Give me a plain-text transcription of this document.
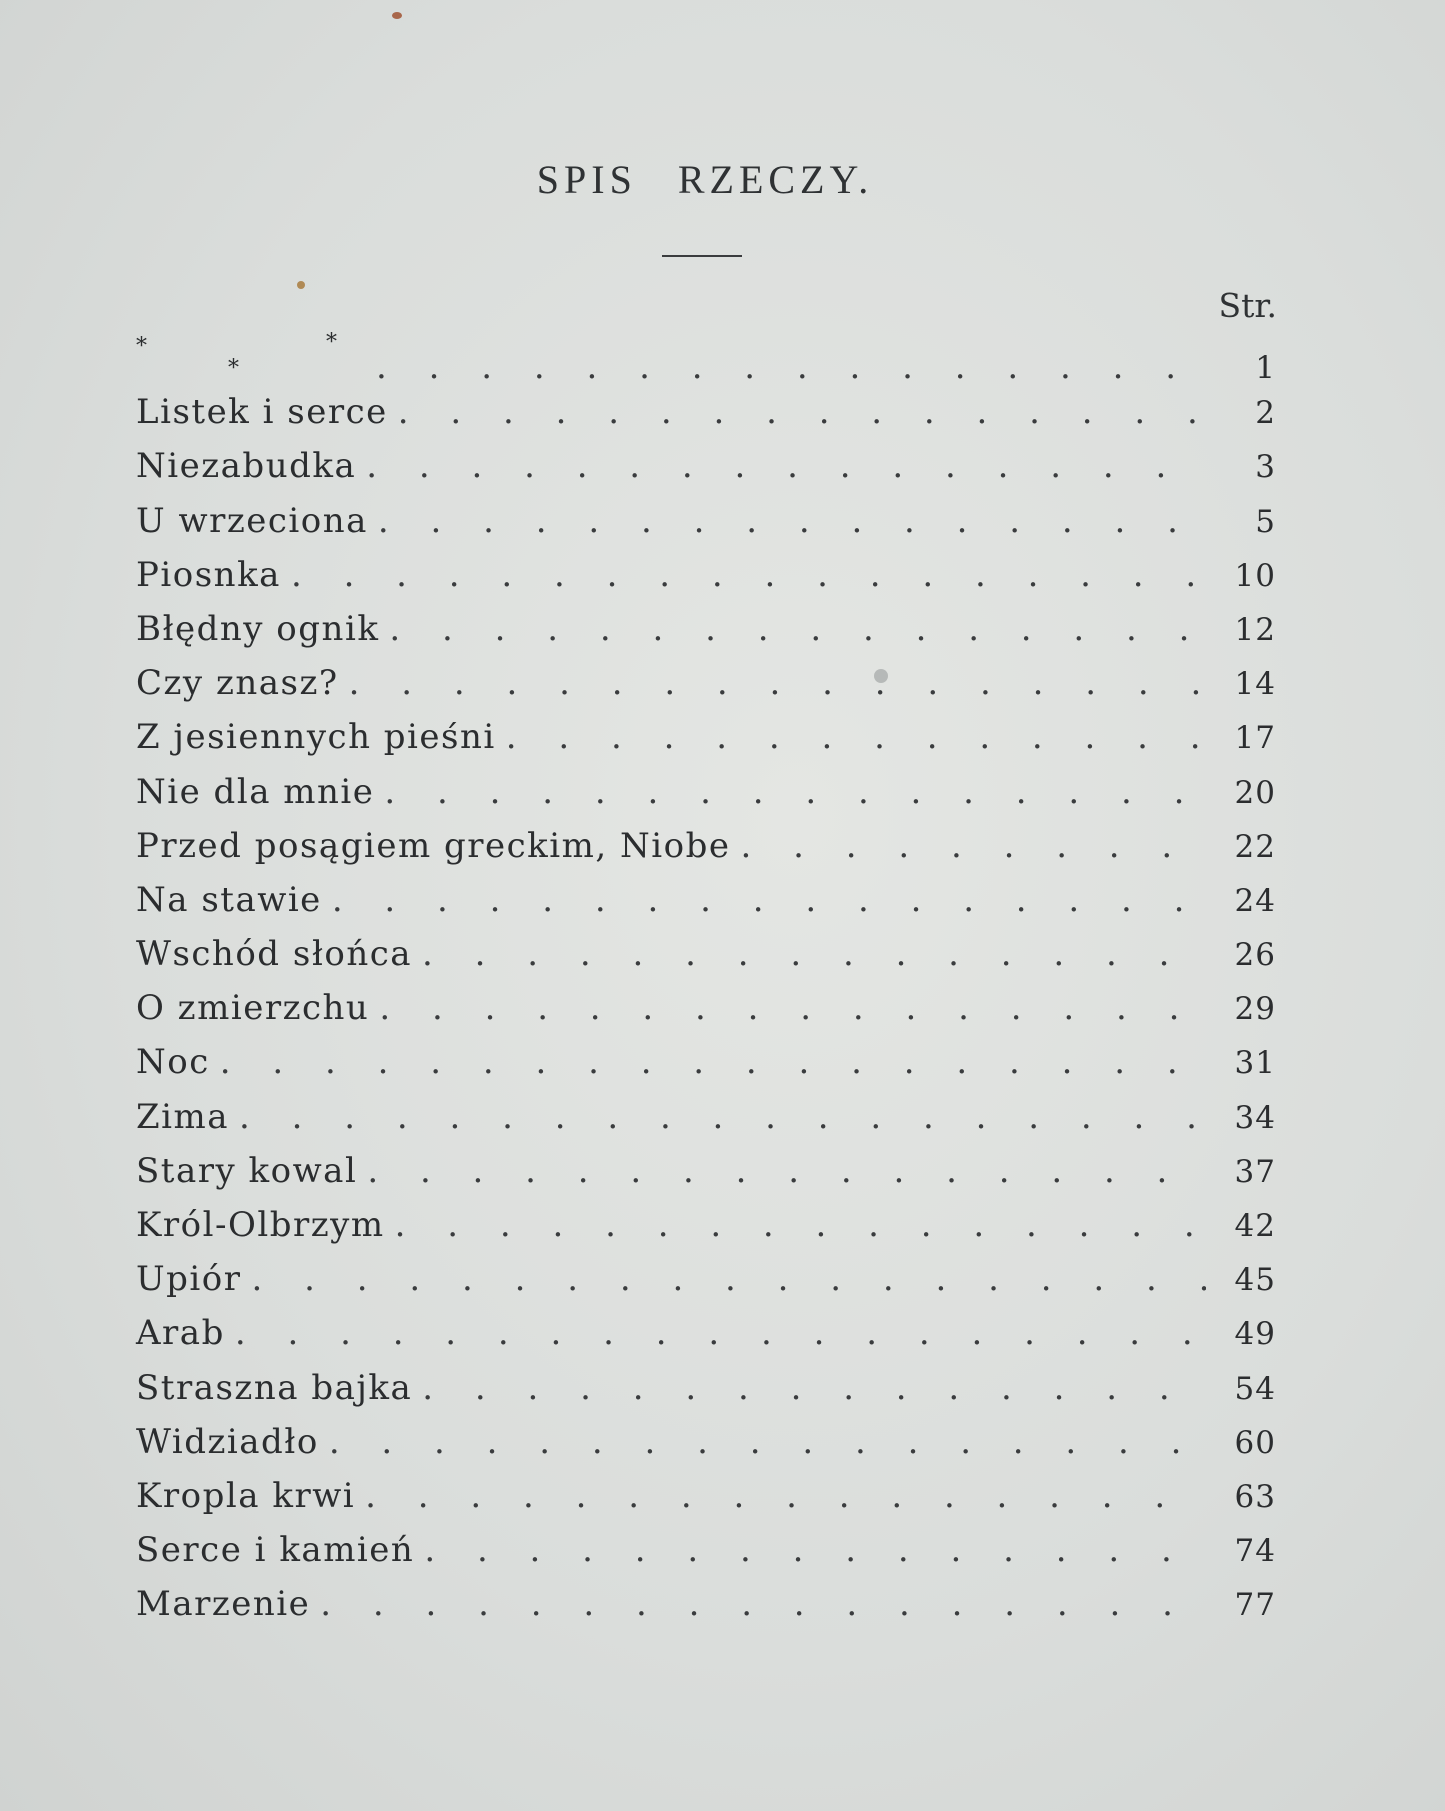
SPIS RZECZY.
Str.
*	*
* . . .	1
Listek i serce . . .	2
Niezabudka . . .	3
U wrzeciona . . .	5
Piosnka . . .	10
Błędny ognik . . .	12
Czy znasz? . . .	14
Z jesiennych pieśni . . .	17
Nie dla mnie . . .	20
Przed posągiem greckim, Niobe . . .	22
Na stawie . . .	24
Wschód słońca . . .	26
O zmierzchu . . .	29
Noc . . .	31
Zima . . .	34
Stary kowal . . .	37
Król-Olbrzym . . .	42
Upiór . . .	45
Arab . . .	49
Straszna bajka . . .	54
Widziadło . . .	60
Kropla krwi . . .	63
Serce i kamień . . .	74
Marzenie . . .	77
